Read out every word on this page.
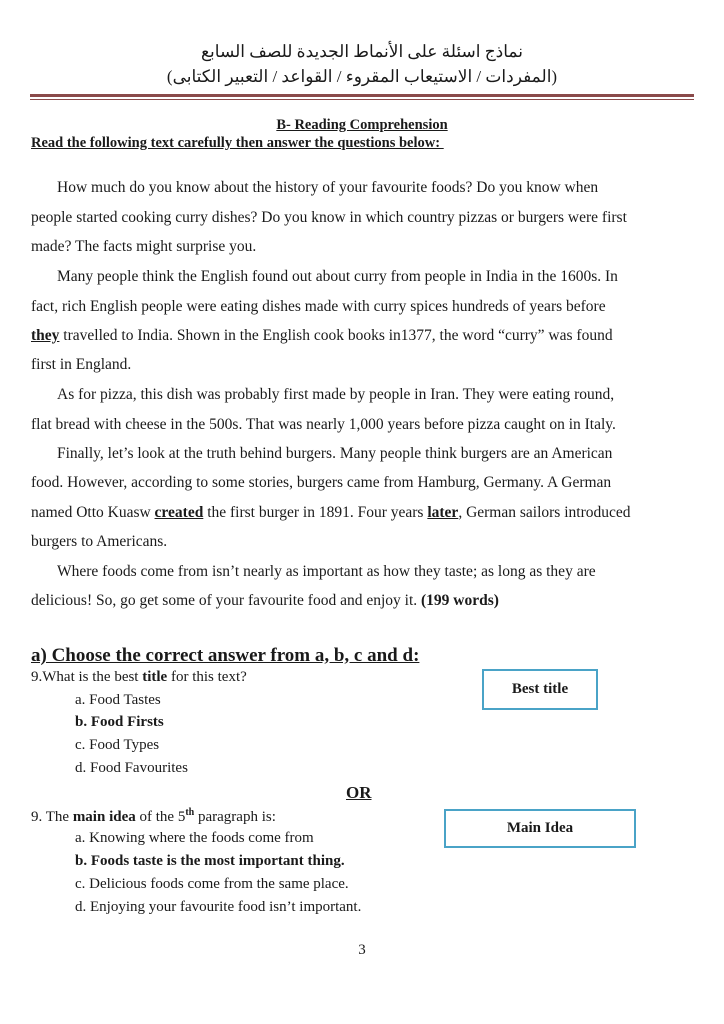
نماذج اسئلة على الأنماط الجديدة للصف السابع
(المفردات / الاستيعاب المقروء / القواعد / التعبير الكتابى)
B- Reading Comprehension
Read the following text carefully then answer the questions below:
How much do you know about the history of your favourite foods? Do you know when
people started cooking curry dishes? Do you know in which country pizzas or burgers were first
made? The facts might surprise you.
Many people think the English found out about curry from people in India in the 1600s. In
fact, rich English people were eating dishes made with curry spices hundreds of years before
they travelled to India. Shown in the English cook books in1377, the word “curry” was found
first in England.
As for pizza, this dish was probably first made by people in Iran. They were eating round,
flat bread with cheese in the 500s. That was nearly 1,000 years before pizza caught on in Italy.
Finally, let’s look at the truth behind burgers. Many people think burgers are an American
food. However, according to some stories, burgers came from Hamburg, Germany. A German
named Otto Kuasw created the first burger in 1891. Four years later, German sailors introduced
burgers to Americans.
Where foods come from isn’t nearly as important as how they taste; as long as they are
delicious! So, go get some of your favourite food and enjoy it. (199 words)
a) Choose the correct answer from a, b, c and d:
9.What is the best title for this text?
a. Food Tastes
b. Food Firsts
c. Food Types
d. Food Favourites
Best title
OR
9. The main idea of the 5th paragraph is:
a. Knowing where the foods come from
b. Foods taste is the most important thing.
c. Delicious foods come from the same place.
d. Enjoying your favourite food isn’t important.
Main Idea
3
